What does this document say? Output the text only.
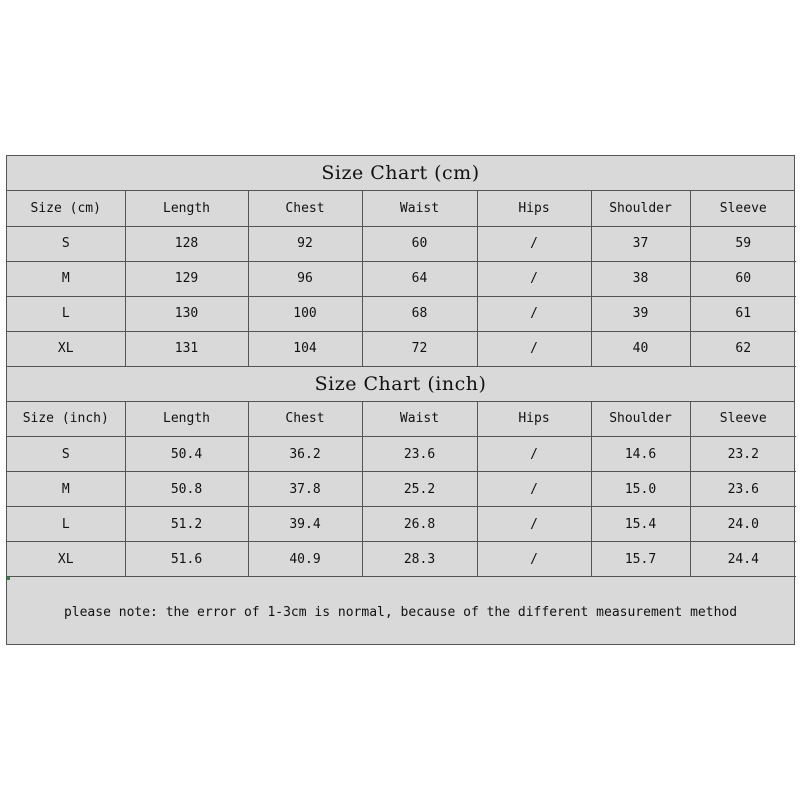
Size Chart (cm)
Size (cm)	Length	Chest	Waist	Hips	Shoulder	Sleeve
S	128	92	60	/	37	59
M	129	96	64	/	38	60
L	130	100	68	/	39	61
XL	131	104	72	/	40	62
Size Chart (inch)
Size (inch)	Length	Chest	Waist	Hips	Shoulder	Sleeve
S	50.4	36.2	23.6	/	14.6	23.2
M	50.8	37.8	25.2	/	15.0	23.6
L	51.2	39.4	26.8	/	15.4	24.0
XL	51.6	40.9	28.3	/	15.7	24.4
please note: the error of 1-3cm is normal, because of the different measurement method
